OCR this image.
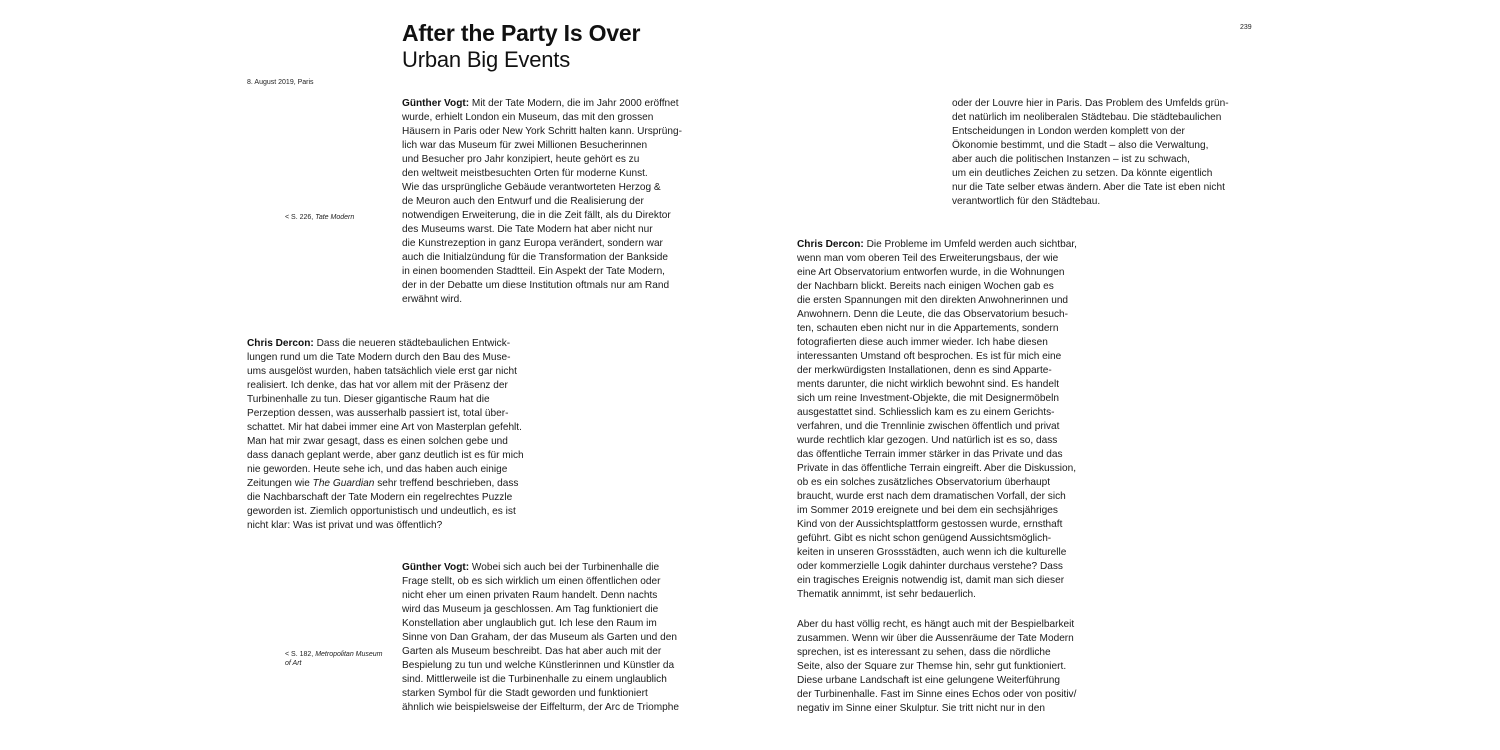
After the Party Is Over
Urban Big Events
8. August 2019, Paris
239
< S. 226, Tate Modern
< S. 182, Metropolitan Museum of Art

Günther Vogt: Mit der Tate Modern, die im Jahr 2000 eröffnet
wurde, erhielt London ein Museum, das mit den grossen
Häusern in Paris oder New York Schritt halten kann. Ursprüng-
lich war das Museum für zwei Millionen Besucherinnen
und Besucher pro Jahr konzipiert, heute gehört es zu
den weltweit meistbesuchten Orten für moderne Kunst.
Wie das ursprüngliche Gebäude verantworteten Herzog &
de Meuron auch den Entwurf und die Realisierung der
notwendigen Erweiterung, die in die Zeit fällt, als du Direktor
des Museums warst. Die Tate Modern hat aber nicht nur
die Kunstrezeption in ganz Europa verändert, sondern war
auch die Initialzündung für die Transformation der Bankside
in einen boomenden Stadtteil. Ein Aspekt der Tate Modern,
der in der Debatte um diese Institution oftmals nur am Rand
erwähnt wird.

Chris Dercon: Dass die neueren städtebaulichen Entwick-
lungen rund um die Tate Modern durch den Bau des Muse-
ums ausgelöst wurden, haben tatsächlich viele erst gar nicht
realisiert. Ich denke, das hat vor allem mit der Präsenz der
Turbinenhalle zu tun. Dieser gigantische Raum hat die
Perzeption dessen, was ausserhalb passiert ist, total über-
schattet. Mir hat dabei immer eine Art von Masterplan gefehlt.
Man hat mir zwar gesagt, dass es einen solchen gebe und
dass danach geplant werde, aber ganz deutlich ist es für mich
nie geworden. Heute sehe ich, und das haben auch einige
Zeitungen wie The Guardian sehr treffend beschrieben, dass
die Nachbarschaft der Tate Modern ein regelrechtes Puzzle
geworden ist. Ziemlich opportunistisch und undeutlich, es ist
nicht klar: Was ist privat und was öffentlich?

Günther Vogt: Wobei sich auch bei der Turbinenhalle die
Frage stellt, ob es sich wirklich um einen öffentlichen oder
nicht eher um einen privaten Raum handelt. Denn nachts
wird das Museum ja geschlossen. Am Tag funktioniert die
Konstellation aber unglaublich gut. Ich lese den Raum im
Sinne von Dan Graham, der das Museum als Garten und den
Garten als Museum beschreibt. Das hat aber auch mit der
Bespielung zu tun und welche Künstlerinnen und Künstler da
sind. Mittlerweile ist die Turbinenhalle zu einem unglaublich
starken Symbol für die Stadt geworden und funktioniert
ähnlich wie beispielsweise der Eiffelturm, der Arc de Triomphe

oder der Louvre hier in Paris. Das Problem des Umfelds grün-
det natürlich im neoliberalen Städtebau. Die städtebaulichen
Entscheidungen in London werden komplett von der
Ökonomie bestimmt, und die Stadt – also die Verwaltung,
aber auch die politischen Instanzen – ist zu schwach,
um ein deutliches Zeichen zu setzen. Da könnte eigentlich
nur die Tate selber etwas ändern. Aber die Tate ist eben nicht
verantwortlich für den Städtebau.

Chris Dercon: Die Probleme im Umfeld werden auch sichtbar,
wenn man vom oberen Teil des Erweiterungsbaus, der wie
eine Art Observatorium entworfen wurde, in die Wohnungen
der Nachbarn blickt. Bereits nach einigen Wochen gab es
die ersten Spannungen mit den direkten Anwohnerinnen und
Anwohnern. Denn die Leute, die das Observatorium besuch-
ten, schauten eben nicht nur in die Appartements, sondern
fotografierten diese auch immer wieder. Ich habe diesen
interessanten Umstand oft besprochen. Es ist für mich eine
der merkwürdigsten Installationen, denn es sind Apparte-
ments darunter, die nicht wirklich bewohnt sind. Es handelt
sich um reine Investment-Objekte, die mit Designermöbeln
ausgestattet sind. Schliesslich kam es zu einem Gerichts-
verfahren, und die Trennlinie zwischen öffentlich und privat
wurde rechtlich klar gezogen. Und natürlich ist es so, dass
das öffentliche Terrain immer stärker in das Private und das
Private in das öffentliche Terrain eingreift. Aber die Diskussion,
ob es ein solches zusätzliches Observatorium überhaupt
braucht, wurde erst nach dem dramatischen Vorfall, der sich
im Sommer 2019 ereignete und bei dem ein sechsjähriges
Kind von der Aussichtsplattform gestossen wurde, ernsthaft
geführt. Gibt es nicht schon genügend Aussichtsmöglich-
keiten in unseren Grossstädten, auch wenn ich die kulturelle
oder kommerzielle Logik dahinter durchaus verstehe? Dass
ein tragisches Ereignis notwendig ist, damit man sich dieser
Thematik annimmt, ist sehr bedauerlich.

Aber du hast völlig recht, es hängt auch mit der Bespielbarkeit
zusammen. Wenn wir über die Aussenräume der Tate Modern
sprechen, ist es interessant zu sehen, dass die nördliche
Seite, also der Square zur Themse hin, sehr gut funktioniert.
Diese urbane Landschaft ist eine gelungene Weiterführung
der Turbinenhalle. Fast im Sinne eines Echos oder von positiv/
negativ im Sinne einer Skulptur. Sie tritt nicht nur in den
